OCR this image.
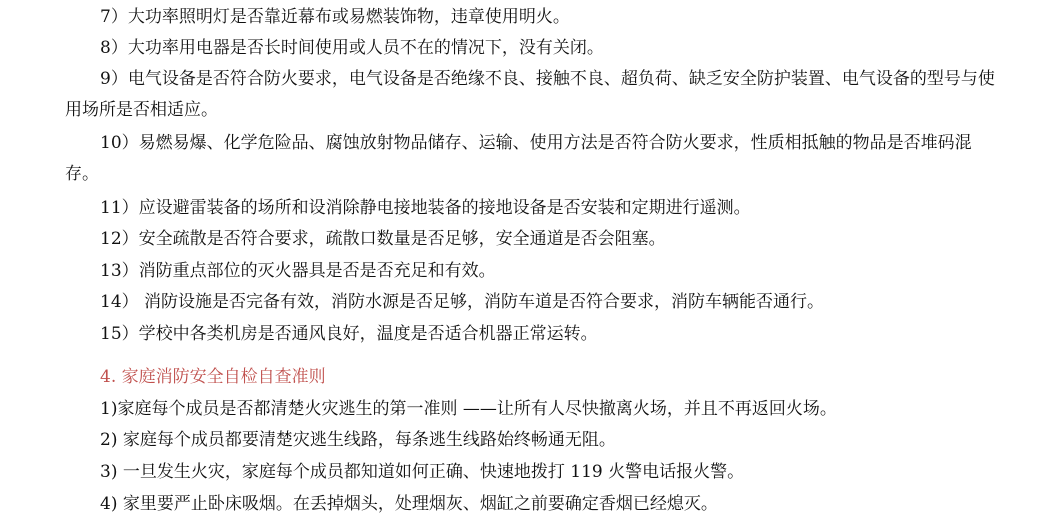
7）大功率照明灯是否靠近幕布或易燃装饰物，违章使用明火。
8）大功率用电器是否长时间使用或人员不在的情况下，没有关闭。
9）电气设备是否符合防火要求，电气设备是否绝缘不良、接触不良、超负荷、缺乏安全防护装置、电气设备的型号与使用场所是否相适应。
10）易燃易爆、化学危险品、腐蚀放射物品储存、运输、使用方法是否符合防火要求，性质相抵触的物品是否堆码混存。
11）应设避雷装备的场所和设消除静电接地装备的接地设备是否安装和定期进行遥测。
12）安全疏散是否符合要求，疏散口数量是否足够，安全通道是否会阻塞。
13）消防重点部位的灭火器具是否是否充足和有效。
14） 消防设施是否完备有效，消防水源是否足够，消防车道是否符合要求，消防车辆能否通行。
15）学校中各类机房是否通风良好，温度是否适合机器正常运转。
4. 家庭消防安全自检自查准则
1)家庭每个成员是否都清楚火灾逃生的第一准则 ——让所有人尽快撤离火场，并且不再返回火场。
2) 家庭每个成员都要清楚灾逃生线路，每条逃生线路始终畅通无阻。
3) 一旦发生火灾，家庭每个成员都知道如何正确、快速地拨打 119 火警电话报火警。
4) 家里要严止卧床吸烟。在丢掉烟头，处理烟灰、烟缸之前要确定香烟已经熄灭。
